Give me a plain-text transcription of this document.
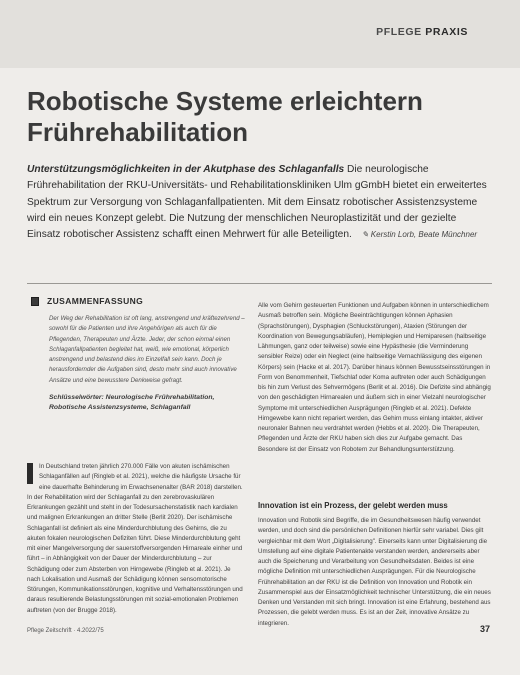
PFLEGE PRAXIS
Robotische Systeme erleichtern Frührehabilitation

Unterstützungsmöglichkeiten in der Akutphase des Schlaganfalls Die neurologische Frührehabilitation der RKU-Universitäts- und Rehabilitationskliniken Ulm gGmbH bietet ein erweitertes Spektrum zur Versorgung von Schlaganfallpatienten. Mit dem Einsatz robotischer Assistenzsysteme wird ein neues Konzept gelebt. Die Nutzung der menschlichen Neuroplastizität und der gezielte Einsatz robotischer Assistenz schafft einen Mehrwert für alle Beteiligten. ✎ Kerstin Lorb, Beate Münchner

ZUSAMMENFASSUNG

Der Weg der Rehabilitation ist oft lang, anstrengend und kräftezehrend – sowohl für die Patienten und ihre Angehörigen als auch für die Pflegenden, Therapeuten und Ärzte. Jeder, der schon einmal einen Schlaganfallpatienten begleitet hat, weiß, wie emotional, körperlich anstrengend und belastend dies im Einzelfall sein kann. Doch je herausfordernder die Aufgaben sind, desto mehr sind auch innovative Ansätze und eine bewusstere Denkweise gefragt.

Schlüsselwörter: Neurologische Frührehabilitation, Robotische Assistenzsysteme, Schlaganfall

In Deutschland treten jährlich 270.000 Fälle von akuten ischämischen Schlaganfällen auf (Ringleb et al. 2021), welche die häufigste Ursache für eine dauerhafte Behinderung im Erwachsenenalter (BAR 2018) darstellen. In der Rehabilitation wird der Schlaganfall zu den zerebrovaskulären Erkrankungen gezählt und steht in der Todesursachenstatistik nach kardialen und malignen Erkrankungen an dritter Stelle (Berlit 2020). Der ischämische Schlaganfall ist definiert als eine Minderdurchblutung des Gehirns, die zu akuten fokalen neurologischen Defiziten führt. Diese Minderdurchblutung geht mit einer Mangelversorgung der sauerstoffversorgenden Hirnareale einher und führt – in Abhängigkeit von der Dauer der Minderdurchblutung – zur Schädigung oder zum Absterben von Hirngewebe (Ringleb et al. 2021). Je nach Lokalisation und Ausmaß der Schädigung können sensomotorische Störungen, Kommunikationsstörungen, kognitive und Verhaltensstörungen und daraus resultierende Belastungsstörungen mit sozial-emotionalen Problemen auftreten (von der Brugge 2018).

Alle vom Gehirn gesteuerten Funktionen und Aufgaben können in unterschiedlichem Ausmaß betroffen sein. Mögliche Beeinträchtigungen können Aphasien (Sprachstörungen), Dysphagien (Schluckstörungen), Ataxien (Störungen der Koordination von Bewegungsabläufen), Hemiplegien und Hemiparesen (halbseitige Lähmungen, ganz oder teilweise) sowie eine Hypästhesie (die Verminderung sensibler Reize) oder ein Neglect (eine halbseitige Vernachlässigung des eigenen Körpers) sein (Hacke et al. 2017). Darüber hinaus können Bewusstseinsstörungen in Form von Benommenheit, Tiefschlaf oder Koma auftreten oder auch Schädigungen bis hin zum Verlust des Sehvermögens (Berlit et al. 2016). Die Defizite sind abhängig von den geschädigten Hirnarealen und äußern sich in einer Vielzahl neurologischer Symptome mit unterschiedlichen Ausprägungen (Ringleb et al. 2021). Defekte Hirngewebe kann nicht repariert werden, das Gehirn muss einlang intakter, aktiver neuronaler Bahnen neu verdrahtet werden (Hebbs et al. 2020). Die Therapeuten, Pflegenden und Ärzte der RKU haben sich dies zur Aufgabe gemacht. Das Besondere ist der Einsatz von Robotern zur Behandlungsunterstützung.

Innovation ist ein Prozess, der gelebt werden muss

Innovation und Robotik sind Begriffe, die im Gesundheitswesen häufig verwendet werden, und doch sind die persönlichen Definitionen hierfür sehr variabel. Dies gilt vergleichbar mit dem Wort „Digitalisierung". Einerseits kann unter Digitalisierung die Umstellung auf eine digitale Patientenakte verstanden werden, andererseits aber auch die Speicherung und Verarbeitung von Gesundheitsdaten. Beides ist eine mögliche Definition mit unterschiedlichen Ausprägungen. Für die Neurologische Frührehabilitation an der RKU ist die Definition von Innovation und Robotik ein Zusammenspiel aus der Einsatzmöglichkeit technischer Unterstützung, die ein neues Denken und Verstanden mit sich bringt. Innovation ist eine Erfahrung, bestehend aus Prozessen, die gelebt werden muss. Es ist an der Zeit, innovative Ansätze zu integrieren.

Pflege Zeitschrift · 4.2022/75	37
